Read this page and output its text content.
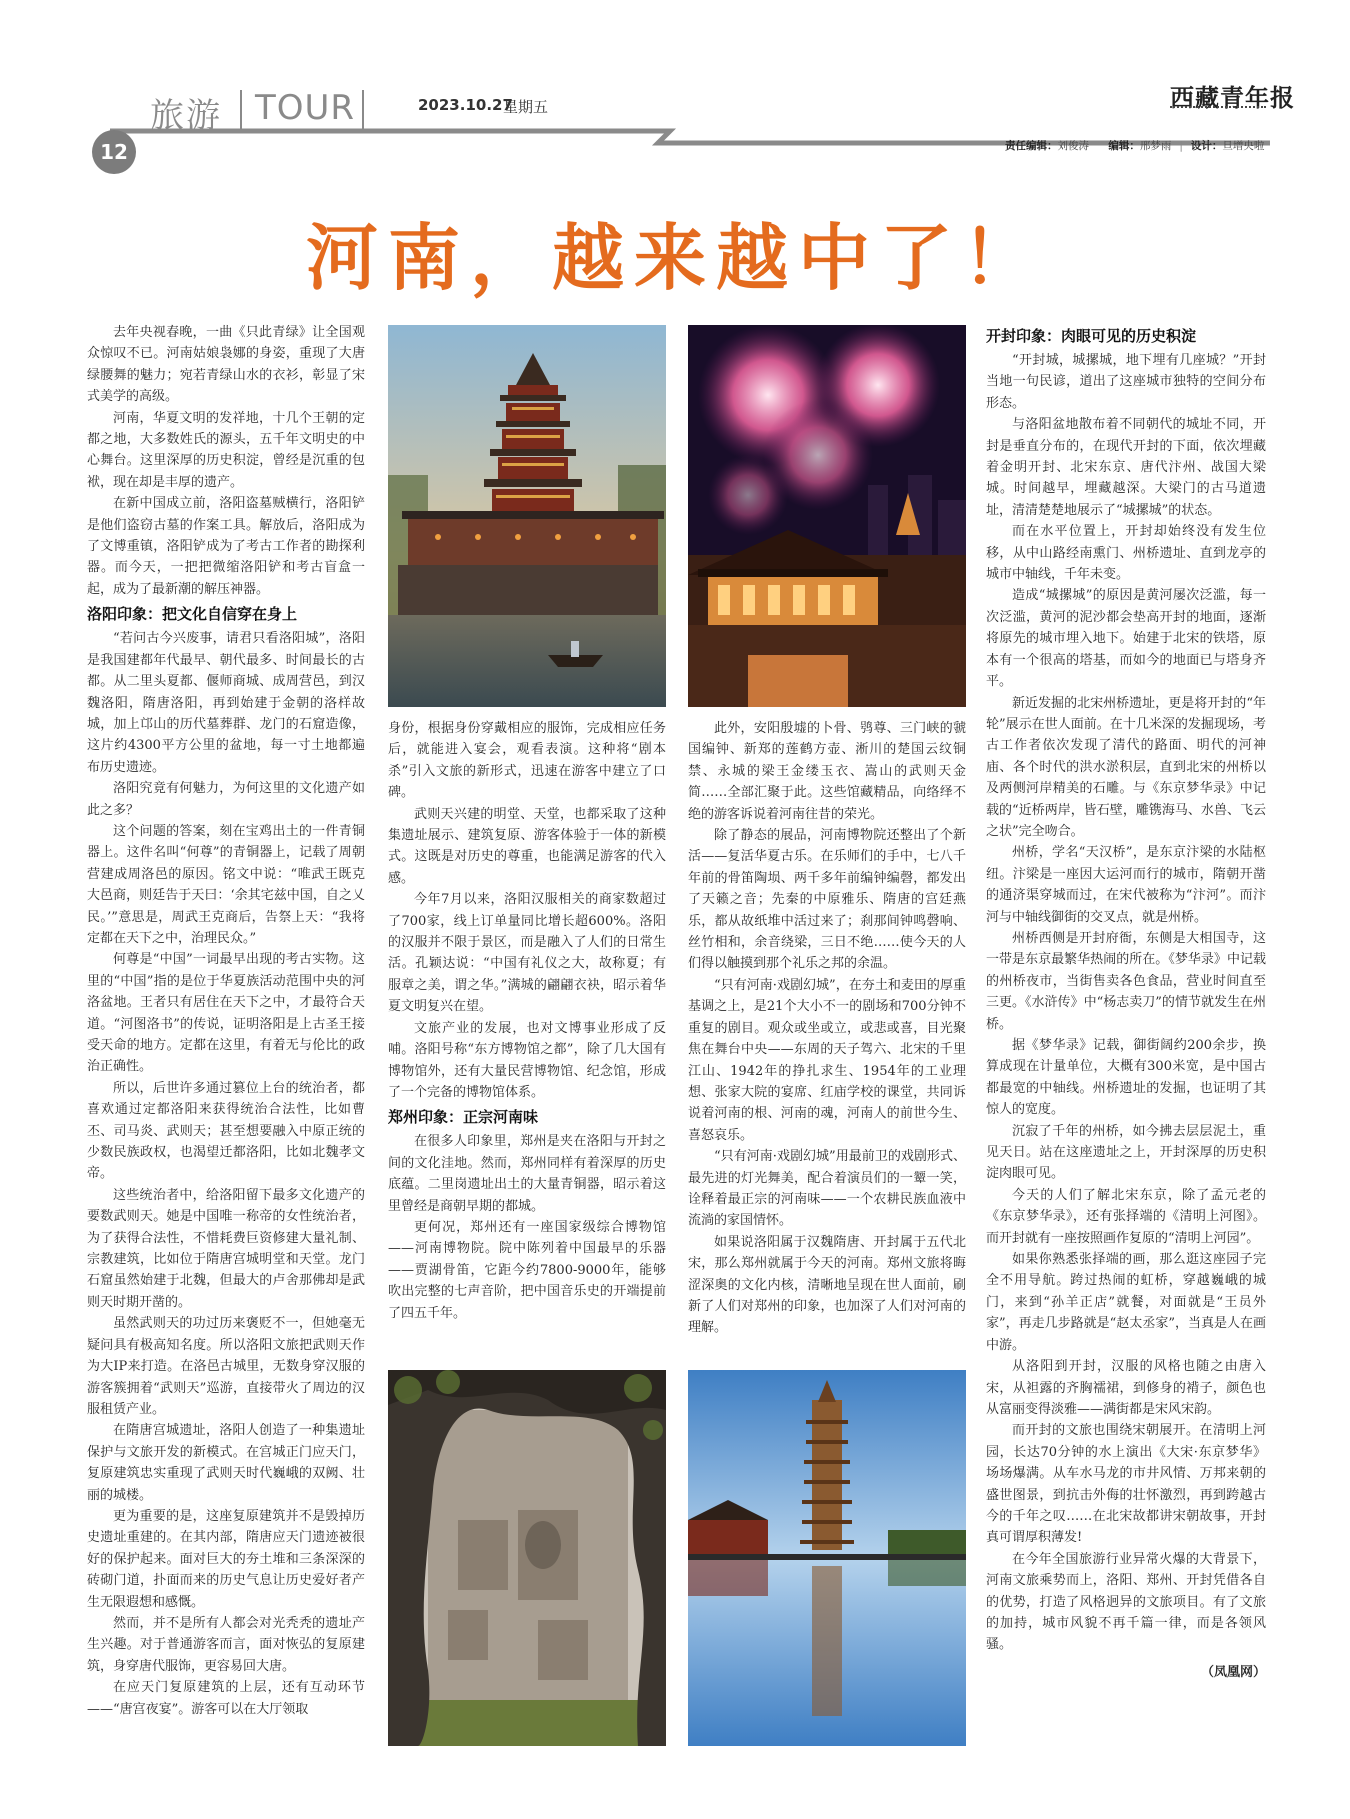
旅游 TOUR	2023.10.27
星期五	西藏青年报
12	责任编辑：刘俊涛 编辑：邢梦雨 | 设计：旦增央啦
河南，越来越中了！

去年央视春晚，一曲《只此青绿》让全国观众惊叹不已。河南姑娘袅娜的身姿，重现了大唐绿腰舞的魅力；宛若青绿山水的衣衫，彰显了宋式美学的高级。

河南，华夏文明的发祥地，十几个王朝的定都之地，大多数姓氏的源头，五千年文明史的中心舞台。这里深厚的历史积淀，曾经是沉重的包袱，现在却是丰厚的遗产。

在新中国成立前，洛阳盗墓贼横行，洛阳铲是他们盗窃古墓的作案工具。解放后，洛阳成为了文博重镇，洛阳铲成为了考古工作者的勘探利器。而今天，一把把微缩洛阳铲和考古盲盒一起，成为了最新潮的解压神器。

洛阳印象：把文化自信穿在身上

“若问古今兴废事，请君只看洛阳城”，洛阳是我国建都年代最早、朝代最多、时间最长的古都。从二里头夏都、偃师商城、成周营邑，到汉魏洛阳，隋唐洛阳，再到始建于金朝的洛样故城，加上邙山的历代墓葬群、龙门的石窟造像，这片约4300平方公里的盆地，每一寸土地都遍布历史遗迹。

洛阳究竟有何魅力，为何这里的文化遗产如此之多？

这个问题的答案，刻在宝鸡出土的一件青铜器上。这件名叫“何尊”的青铜器上，记载了周朝营建成周洛邑的原因。铭文中说：“唯武王既克大邑商，则廷告于天曰：‘余其宅兹中国，自之乂民。’”意思是，周武王克商后，告祭上天：“我将定都在天下之中，治理民众。”

何尊是“中国”一词最早出现的考古实物。这里的“中国”指的是位于华夏族活动范围中央的河洛盆地。王者只有居住在天下之中，才最符合天道。“河图洛书”的传说，证明洛阳是上古圣王接受天命的地方。定都在这里，有着无与伦比的政治正确性。

所以，后世许多通过篡位上台的统治者，都喜欢通过定都洛阳来获得统治合法性，比如曹丕、司马炎、武则天；甚至想要融入中原正统的少数民族政权，也渴望迁都洛阳，比如北魏孝文帝。

这些统治者中，给洛阳留下最多文化遗产的要数武则天。她是中国唯一称帝的女性统治者，为了获得合法性，不惜耗费巨资修建大量礼制、宗教建筑，比如位于隋唐宫城明堂和天堂。龙门石窟虽然始建于北魏，但最大的卢舍那佛却是武则天时期开凿的。

虽然武则天的功过历来褒贬不一，但她毫无疑问具有极高知名度。所以洛阳文旅把武则天作为大IP来打造。在洛邑古城里，无数身穿汉服的游客簇拥着“武则天”巡游，直接带火了周边的汉服租赁产业。

在隋唐宫城遗址，洛阳人创造了一种集遗址保护与文旅开发的新模式。在宫城正门应天门，复原建筑忠实重现了武则天时代巍峨的双阙、壮丽的城楼。

更为重要的是，这座复原建筑并不是毁掉历史遗址重建的。在其内部，隋唐应天门遗迹被很好的保护起来。面对巨大的夯土堆和三条深深的砖砌门道，扑面而来的历史气息让历史爱好者产生无限遐想和感慨。

然而，并不是所有人都会对光秃秃的遗址产生兴趣。对于普通游客而言，面对恢弘的复原建筑，身穿唐代服饰，更容易回大唐。

在应天门复原建筑的上层，还有互动环节——“唐宫夜宴”。游客可以在大厅领取

身份，根据身份穿戴相应的服饰，完成相应任务后，就能进入宴会，观看表演。这种将“剧本杀”引入文旅的新形式，迅速在游客中建立了口碑。

武则天兴建的明堂、天堂，也都采取了这种集遗址展示、建筑复原、游客体验于一体的新模式。这既是对历史的尊重，也能满足游客的代入感。

今年7月以来，洛阳汉服相关的商家数超过了700家，线上订单量同比增长超600%。洛阳的汉服并不限于景区，而是融入了人们的日常生活。孔颖达说：“中国有礼仪之大，故称夏；有服章之美，谓之华。”满城的翩翩衣袂，昭示着华夏文明复兴在望。

文旅产业的发展，也对文博事业形成了反哺。洛阳号称“东方博物馆之都”，除了几大国有博物馆外，还有大量民营博物馆、纪念馆，形成了一个完备的博物馆体系。

郑州印象：正宗河南味

在很多人印象里，郑州是夹在洛阳与开封之间的文化洼地。然而，郑州同样有着深厚的历史底蕴。二里岗遗址出土的大量青铜器，昭示着这里曾经是商朝早期的都城。

更何况，郑州还有一座国家级综合博物馆——河南博物院。院中陈列着中国最早的乐器——贾湖骨笛，它距今约7800-9000年，能够吹出完整的七声音阶，把中国音乐史的开端提前了四五千年。

此外，安阳殷墟的卜骨、鸮尊、三门峡的虢国编钟、新郑的莲鹤方壶、淅川的楚国云纹铜禁、永城的梁王金缕玉衣、嵩山的武则天金简……全部汇聚于此。这些馆藏精品，向络绎不绝的游客诉说着河南往昔的荣光。

除了静态的展品，河南博物院还整出了个新活——复活华夏古乐。在乐师们的手中，七八千年前的骨笛陶埙、两千多年前编钟编磬，都发出了天籁之音；先秦的中原雅乐、隋唐的宫廷燕乐，都从故纸堆中活过来了；刹那间钟鸣磬响、丝竹相和，余音绕梁，三日不绝……使今天的人们得以触摸到那个礼乐之邦的余温。

“只有河南·戏剧幻城”，在夯土和麦田的厚重基调之上，是21个大小不一的剧场和700分钟不重复的剧目。观众或坐或立，或悲或喜，目光聚焦在舞台中央——东周的天子驾六、北宋的千里江山、1942年的挣扎求生、1954年的工业理想、张家大院的宴席、红庙学校的课堂，共同诉说着河南的根、河南的魂，河南人的前世今生、喜怒哀乐。

“只有河南·戏剧幻城”用最前卫的戏剧形式、最先进的灯光舞美，配合着演员们的一颦一笑，诠释着最正宗的河南味——一个农耕民族血液中流淌的家国情怀。

如果说洛阳属于汉魏隋唐、开封属于五代北宋，那么郑州就属于今天的河南。郑州文旅将晦涩深奥的文化内核，清晰地呈现在世人面前，刷新了人们对郑州的印象，也加深了人们对河南的理解。

开封印象：肉眼可见的历史积淀

“开封城，城摞城，地下埋有几座城？”开封当地一句民谚，道出了这座城市独特的空间分布形态。

与洛阳盆地散布着不同朝代的城址不同，开封是垂直分布的，在现代开封的下面，依次埋藏着金明开封、北宋东京、唐代汴州、战国大梁城。时间越早，埋藏越深。大梁门的古马道遗址，清清楚楚地展示了“城摞城”的状态。

而在水平位置上，开封却始终没有发生位移，从中山路经南熏门、州桥遗址、直到龙亭的城市中轴线，千年未变。

造成“城摞城”的原因是黄河屡次泛滥，每一次泛滥，黄河的泥沙都会垫高开封的地面，逐渐将原先的城市埋入地下。始建于北宋的铁塔，原本有一个很高的塔基，而如今的地面已与塔身齐平。

新近发掘的北宋州桥遗址，更是将开封的“年轮”展示在世人面前。在十几米深的发掘现场，考古工作者依次发现了清代的路面、明代的河神庙、各个时代的洪水淤积层，直到北宋的州桥以及两侧河岸精美的石雕。与《东京梦华录》中记载的“近桥两岸，皆石壁，雕镌海马、水兽、飞云之状”完全吻合。

州桥，学名“天汉桥”，是东京汴梁的水陆枢纽。汴梁是一座因大运河而行的城市，隋朝开凿的通济渠穿城而过，在宋代被称为“汴河”。而汴河与中轴线御街的交叉点，就是州桥。

州桥西侧是开封府衙，东侧是大相国寺，这一带是东京最繁华热闹的所在。《梦华录》中记载的州桥夜市，当街售卖各色食品，营业时间直至三更。《水浒传》中“杨志卖刀”的情节就发生在州桥。

据《梦华录》记载，御街阔约200余步，换算成现在计量单位，大概有300米宽，是中国古都最宽的中轴线。州桥遗址的发掘，也证明了其惊人的宽度。

沉寂了千年的州桥，如今拂去层层泥土，重见天日。站在这座遗址之上，开封深厚的历史积淀肉眼可见。

今天的人们了解北宋东京，除了孟元老的《东京梦华录》，还有张择端的《清明上河图》。而开封就有一座按照画作复原的“清明上河园”。

如果你熟悉张择端的画，那么逛这座园子完全不用导航。跨过热闹的虹桥，穿越巍峨的城门，来到“孙羊正店”就餐，对面就是“王员外家”，再走几步路就是“赵太丞家”，当真是人在画中游。

从洛阳到开封，汉服的风格也随之由唐入宋，从袒露的齐胸襦裙，到修身的褙子，颜色也从富丽变得淡雅——满街都是宋风宋韵。

而开封的文旅也围绕宋朝展开。在清明上河园，长达70分钟的水上演出《大宋·东京梦华》场场爆满。从车水马龙的市井风情、万邦来朝的盛世图景，到抗击外侮的壮怀激烈，再到跨越古今的千年之叹……在北宋故都讲宋朝故事，开封真可谓厚积薄发!

在今年全国旅游行业异常火爆的大背景下，河南文旅乘势而上，洛阳、郑州、开封凭借各自的优势，打造了风格迥异的文旅项目。有了文旅的加持，城市风貌不再千篇一律，而是各领风骚。

（凤凰网）
